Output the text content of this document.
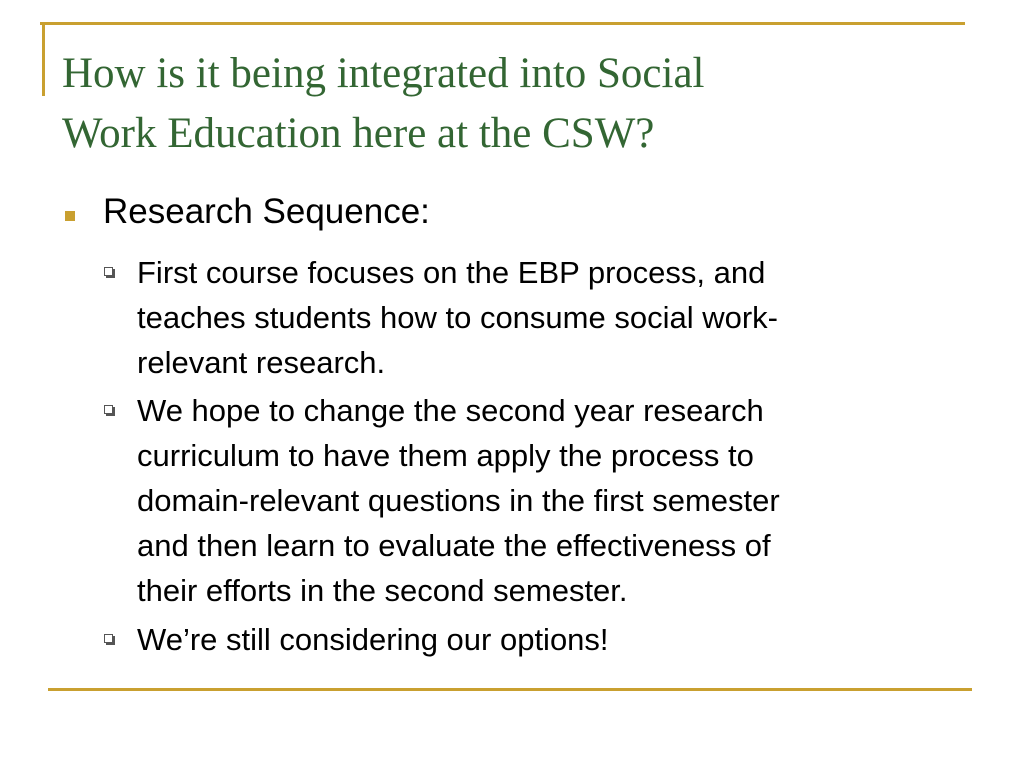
How is it being integrated into Social
Work Education here at the CSW?
Research Sequence:
First course focuses on the EBP process, and
teaches students how to consume social work-
relevant research.
We hope to change the second year research
curriculum to have them apply the process to
domain-relevant questions in the first semester
and then learn to evaluate the effectiveness of
their efforts in the second semester.
We’re still considering our options!
